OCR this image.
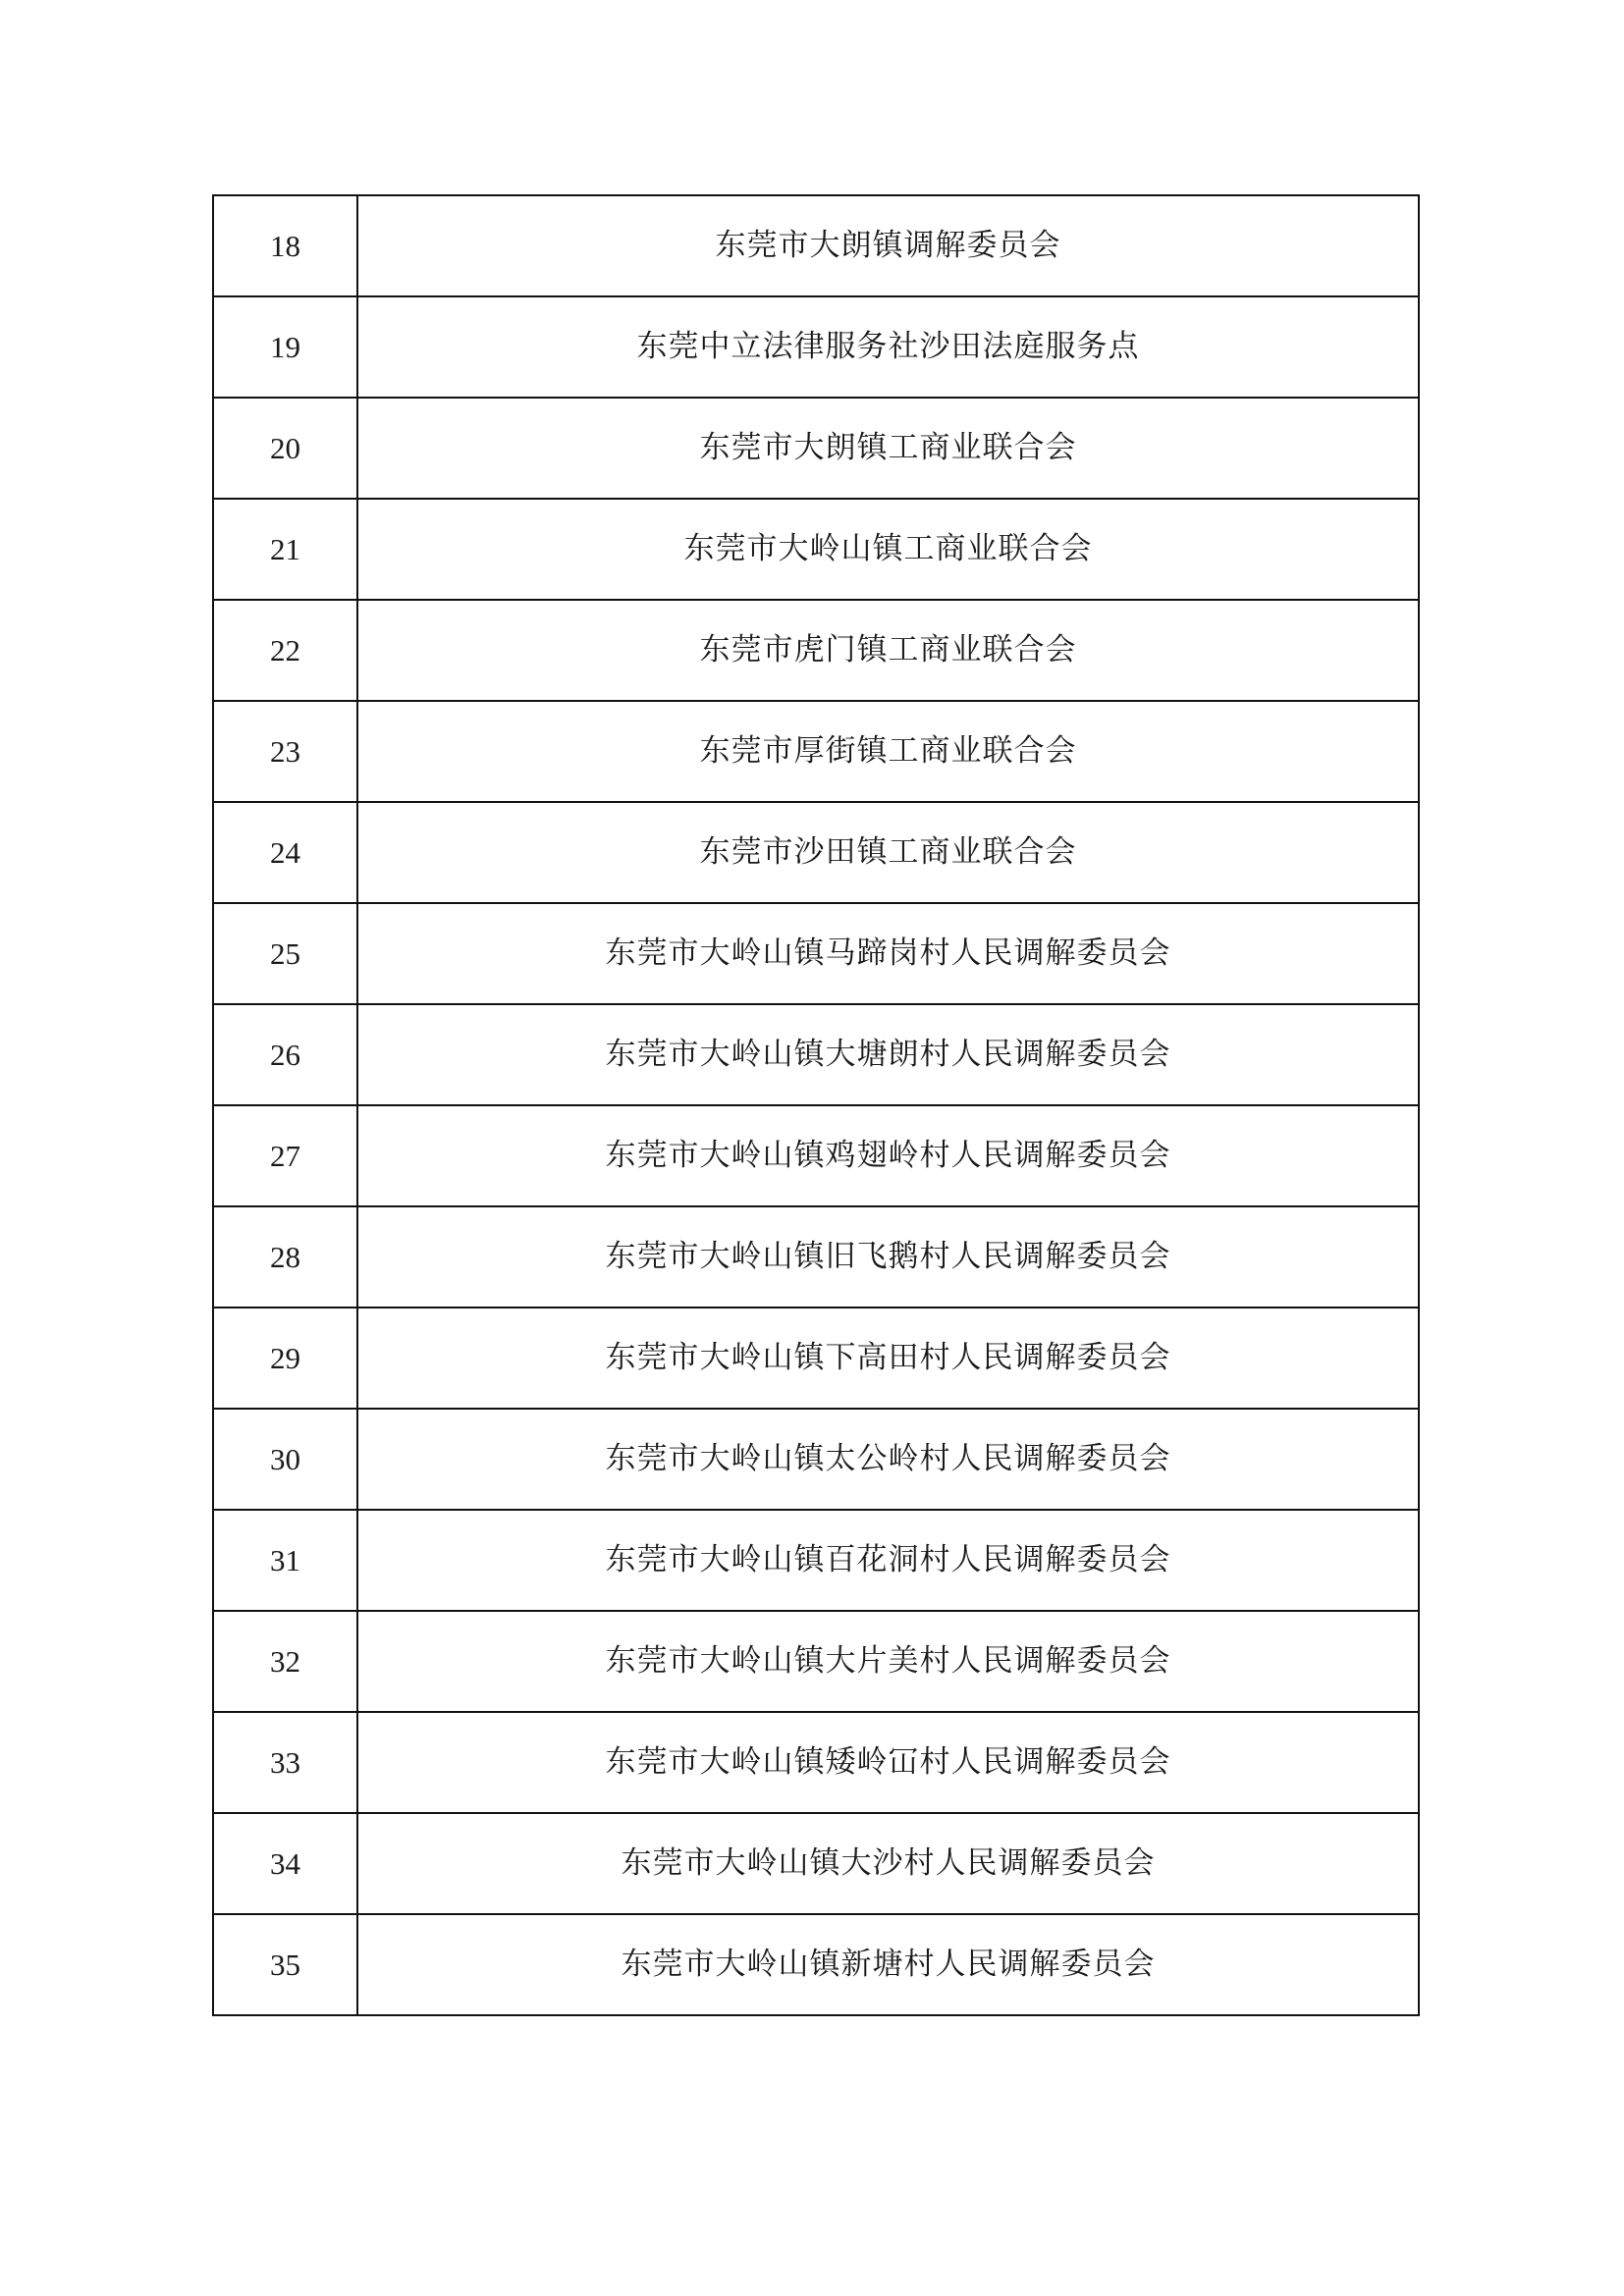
18	东莞市大朗镇调解委员会
19	东莞中立法律服务社沙田法庭服务点
20	东莞市大朗镇工商业联合会
21	东莞市大岭山镇工商业联合会
22	东莞市虎门镇工商业联合会
23	东莞市厚街镇工商业联合会
24	东莞市沙田镇工商业联合会
25	东莞市大岭山镇马蹄岗村人民调解委员会
26	东莞市大岭山镇大塘朗村人民调解委员会
27	东莞市大岭山镇鸡翅岭村人民调解委员会
28	东莞市大岭山镇旧飞鹅村人民调解委员会
29	东莞市大岭山镇下高田村人民调解委员会
30	东莞市大岭山镇太公岭村人民调解委员会
31	东莞市大岭山镇百花洞村人民调解委员会
32	东莞市大岭山镇大片美村人民调解委员会
33	东莞市大岭山镇矮岭冚村人民调解委员会
34	东莞市大岭山镇大沙村人民调解委员会
35	东莞市大岭山镇新塘村人民调解委员会
